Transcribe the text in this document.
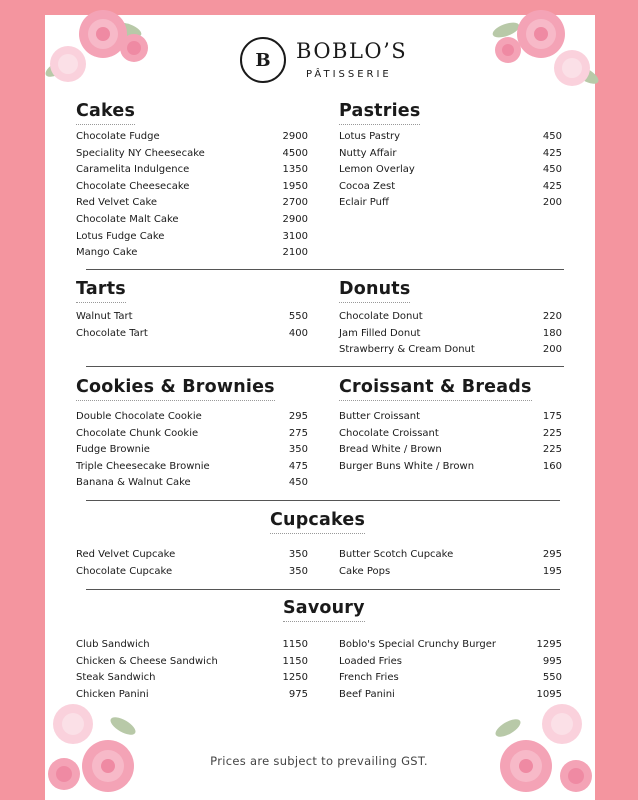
B	BOBLO’S
PÂTISSERIE
Cakes
Chocolate Fudge	2900
Speciality NY Cheesecake	4500
Caramelita Indulgence	1350
Chocolate Cheesecake	1950
Red Velvet Cake	2700
Chocolate Malt Cake	2900
Lotus Fudge Cake	3100
Mango Cake	2100
Pastries
Lotus Pastry	450
Nutty Affair	425
Lemon Overlay	450
Cocoa Zest	425
Eclair Puff	200
Tarts
Walnut Tart	550
Chocolate Tart	400
Donuts
Chocolate Donut	220
Jam Filled Donut	180
Strawberry & Cream Donut	200
Cookies & Brownies
Double Chocolate Cookie	295
Chocolate Chunk Cookie	275
Fudge Brownie	350
Triple Cheesecake Brownie	475
Banana & Walnut Cake	450
Croissant & Breads
Butter Croissant	175
Chocolate Croissant	225
Bread White / Brown	225
Burger Buns White / Brown	160
Cupcakes
Red Velvet Cupcake	350
Chocolate Cupcake	350
Butter Scotch Cupcake	295
Cake Pops	195
Savoury
Club Sandwich	1150
Chicken & Cheese Sandwich	1150
Steak Sandwich	1250
Chicken Panini	975
Boblo's Special Crunchy Burger	1295
Loaded Fries	995
French Fries	550
Beef Panini	1095
Prices are subject to prevailing GST.
